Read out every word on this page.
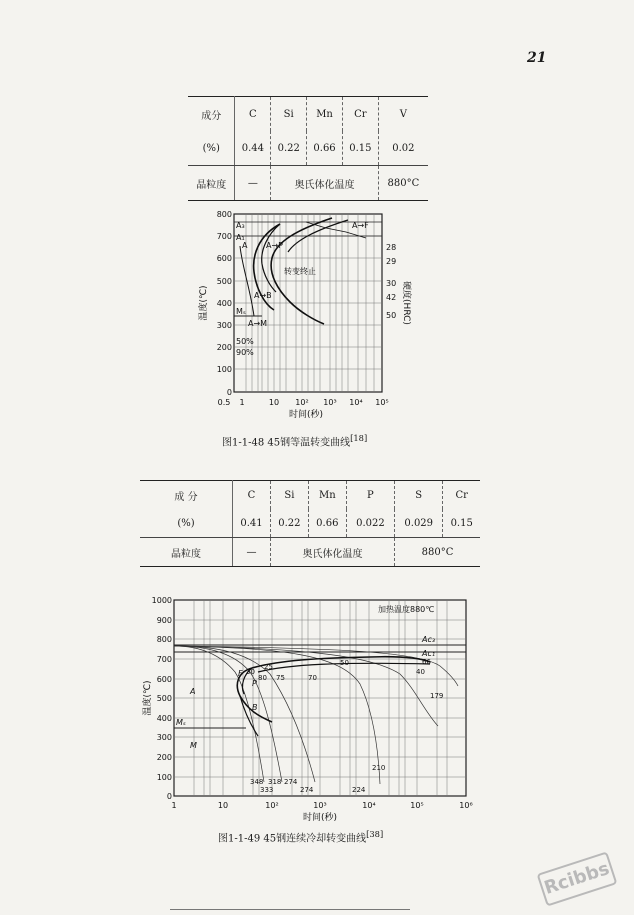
21
成分	C	Si	Mn	Cr	V
(%)	0.44	0.22	0.66	0.15	0.02
晶粒度	—	奥氏体化温度			880°C
800
700
600
500
400
300
200
100
0
0.5 1	10 10² 10³ 10⁴ 10⁵
时间(秒)
温度(℃)	硬度(HRC)
28
29
30
42
50
A₃
A₁
A
A→F
A→P
转变终止
A→B
Mₛ
A→M
50%
90%
图1-1-48 45钢等温转变曲线[18]
成 分	C	Si	Mn	P	S	Cr
(%)	0.41	0.22	0.66	0.022	0.029	0.15
晶粒度	—	奥氏体化温度			880°C	
1000
900
800
700
600
500
400
300
200
100
0
1	10	10²	10³	10⁴	10⁵	10⁶
时间(秒)
温度(℃)
加热温度880℃
Ac₃
Ac₁
A
F
P
B
Mₛ
M
25
30
50	66
40
179
75	70
80
210
224
274
274
333
348 318
图1-1-49 45钢连续冷却转变曲线[38]
Rcibbs
